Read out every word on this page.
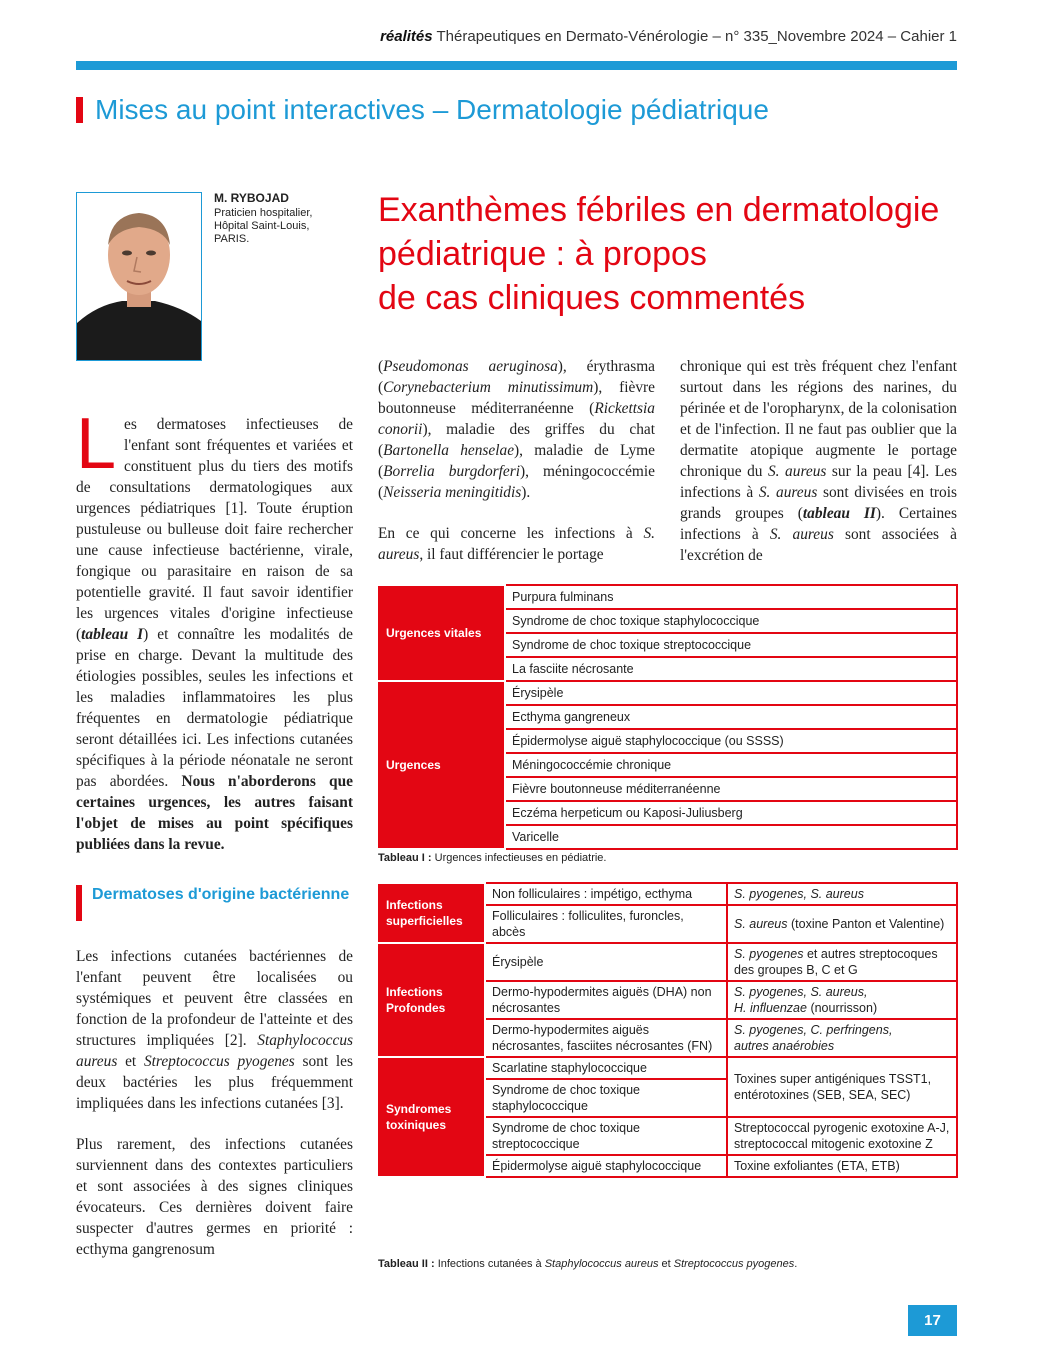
réalités Thérapeutiques en Dermato-Vénérologie – n° 335_Novembre 2024 – Cahier 1
Mises au point interactives – Dermatologie pédiatrique
M. RYBOJAD
Praticien hospitalier,
Hôpital Saint-Louis,
PARIS.
Exanthèmes fébriles en dermatologie
pédiatrique : à propos
de cas cliniques commentés

Les dermatoses infectieuses de l'enfant sont fréquentes et variées et constituent plus du tiers des motifs de consultations dermatologiques aux urgences pédiatriques [1]. Toute éruption pustuleuse ou bulleuse doit faire rechercher une cause infectieuse bactérienne, virale, fongique ou parasitaire en raison de sa potentielle gravité. Il faut savoir identifier les urgences vitales d'origine infectieuse (tableau I) et connaître les modalités de prise en charge. Devant la multitude des étiologies possibles, seules les infections et les maladies inflammatoires les plus fréquentes en dermatologie pédiatrique seront détaillées ici. Les infections cutanées spécifiques à la période néonatale ne seront pas abordées. Nous n'aborderons que certaines urgences, les autres faisant l'objet de mises au point spécifiques publiées dans la revue.

Dermatoses d'origine bactérienne

Les infections cutanées bactériennes de l'enfant peuvent être localisées ou systémiques et peuvent être classées en fonction de la profondeur de l'atteinte et des structures impliquées [2]. Staphylococcus aureus et Streptococcus pyogenes sont les deux bactéries les plus fréquemment impliquées dans les infections cutanées [3].

Plus rarement, des infections cutanées surviennent dans des contextes particuliers et sont associées à des signes cliniques évocateurs. Ces dernières doivent faire suspecter d'autres germes en priorité : ecthyma gangrenosum

(Pseudomonas aeruginosa), érythrasma (Corynebacterium minutissimum), fièvre boutonneuse méditerranéenne (Rickettsia conorii), maladie des griffes du chat (Bartonella henselae), maladie de Lyme (Borrelia burgdorferi), méningococcémie (Neisseria meningitidis).

En ce qui concerne les infections à S. aureus, il faut différencier le portage

chronique qui est très fréquent chez l'enfant surtout dans les régions des narines, du périnée et de l'oropharynx, de la colonisation et de l'infection. Il ne faut pas oublier que la dermatite atopique augmente le portage chronique du S. aureus sur la peau [4]. Les infections à S. aureus sont divisées en trois grands groupes (tableau II). Certaines infections à S. aureus sont associées à l'excrétion de

Urgences vitales	Purpura fulminans
	Syndrome de choc toxique staphylococcique
	Syndrome de choc toxique streptococcique
	La fasciite nécrosante
Urgences	Érysipèle
	Ecthyma gangreneux
	Épidermolyse aiguë staphylococcique (ou SSSS)
	Méningococcémie chronique
	Fièvre boutonneuse méditerranéenne
	Eczéma herpeticum ou Kaposi-Juliusberg
	Varicelle
Tableau I : Urgences infectieuses en pédiatrie.
Infections superficielles	Non folliculaires : impétigo, ecthyma	S. pyogenes, S. aureus
	Folliculaires : folliculites, furoncles, abcès	S. aureus (toxine Panton et Valentine)
Infections Profondes	Érysipèle	S. pyogenes et autres streptocoques des groupes B, C et G
	Dermo-hypodermites aiguës (DHA) non nécrosantes	S. pyogenes, S. aureus,
H. influenzae (nourrisson)
	Dermo-hypodermites aiguës nécrosantes, fasciites nécrosantes (FN)	S. pyogenes, C. perfringens,
autres anaérobies
Syndromes toxiniques	Scarlatine staphylococcique	Toxines super antigéniques TSST1, entérotoxines (SEB, SEA, SEC)
	Syndrome de choc toxique staphylococcique	
	Syndrome de choc toxique streptococcique	Streptococcal pyrogenic exotoxine A-J, streptococcal mitogenic exotoxine Z
	Épidermolyse aiguë staphylococcique	Toxine exfoliantes (ETA, ETB)
Tableau II : Infections cutanées à Staphylococcus aureus et Streptococcus pyogenes.
17
